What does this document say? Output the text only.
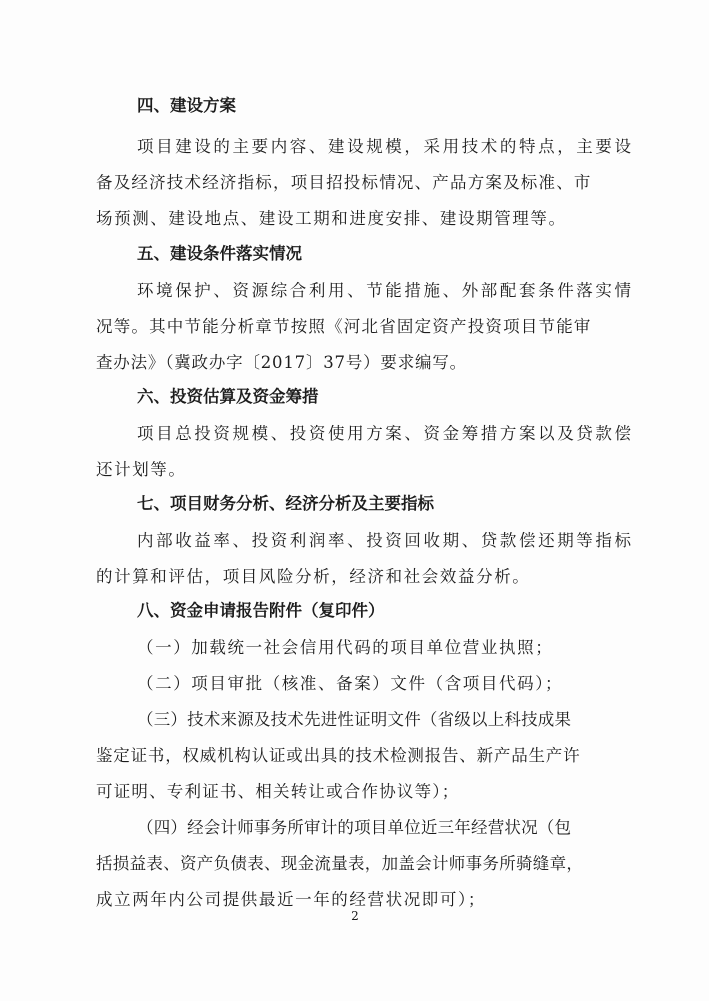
四、建设方案
项目建设的主要内容、建设规模，采用技术的特点，主要设
备及经济技术经济指标，项目招投标情况、产品方案及标准、市
场预测、建设地点、建设工期和进度安排、建设期管理等。
五、建设条件落实情况
环境保护、资源综合利用、节能措施、外部配套条件落实情
况等。其中节能分析章节按照《河北省固定资产投资项目节能审
查办法》（冀政办字〔2017〕37号）要求编写。
六、投资估算及资金筹措
项目总投资规模、投资使用方案、资金筹措方案以及贷款偿
还计划等。
七、项目财务分析、经济分析及主要指标
内部收益率、投资利润率、投资回收期、贷款偿还期等指标
的计算和评估，项目风险分析，经济和社会效益分析。
八、资金申请报告附件（复印件）
（一）加载统一社会信用代码的项目单位营业执照；
（二）项目审批（核准、备案）文件（含项目代码）；
（三）技术来源及技术先进性证明文件（省级以上科技成果
鉴定证书，权威机构认证或出具的技术检测报告、新产品生产许
可证明、专利证书、相关转让或合作协议等）；
（四）经会计师事务所审计的项目单位近三年经营状况（包
括损益表、资产负债表、现金流量表，加盖会计师事务所骑缝章，
成立两年内公司提供最近一年的经营状况即可）；
2
